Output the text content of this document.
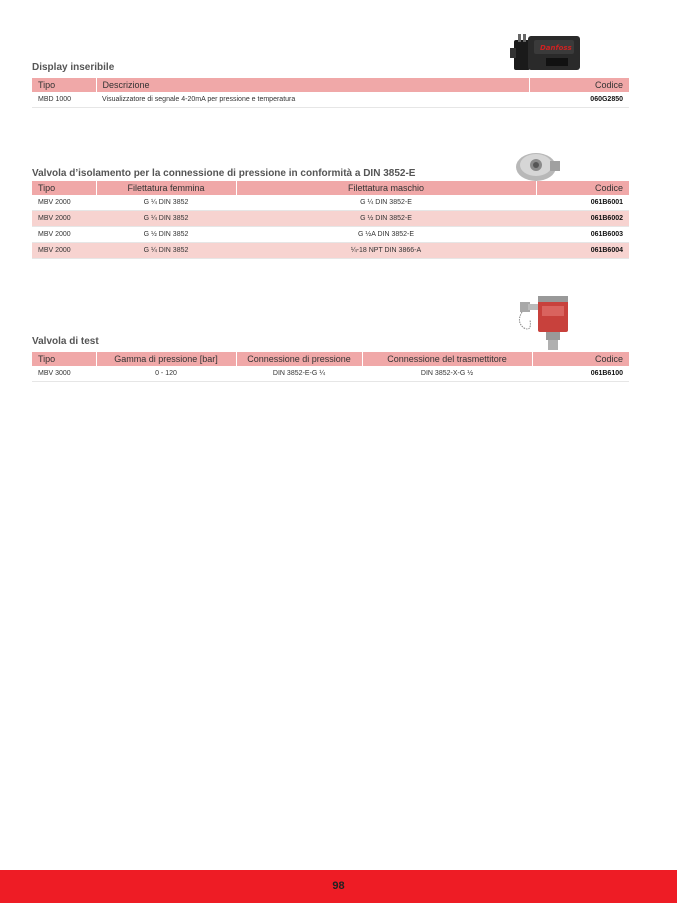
Danfoss
Display inseribile
Tipo	Descrizione	Codice
MBD 1000	Visualizzatore di segnale 4-20mA per pressione e temperatura	060G2850
Valvola d’isolamento per la connessione di pressione in conformità a DIN 3852-E
Tipo	Filettatura femmina	Filettatura maschio	Codice
MBV 2000	G ¼ DIN 3852	G ¼ DIN 3852-E	061B6001
MBV 2000	G ¼ DIN 3852	G ½ DIN 3852-E	061B6002
MBV 2000	G ½ DIN 3852	G ½A DIN 3852-E	061B6003
MBV 2000	G ¼ DIN 3852	¼-18 NPT DIN 3866-A	061B6004
Valvola di test
Tipo	Gamma di pressione [bar]	Connessione di pressione	Connessione del trasmettitore	Codice
MBV 3000	0 - 120	DIN 3852-E-G ¼	DIN 3852-X-G ½	061B6100
98
